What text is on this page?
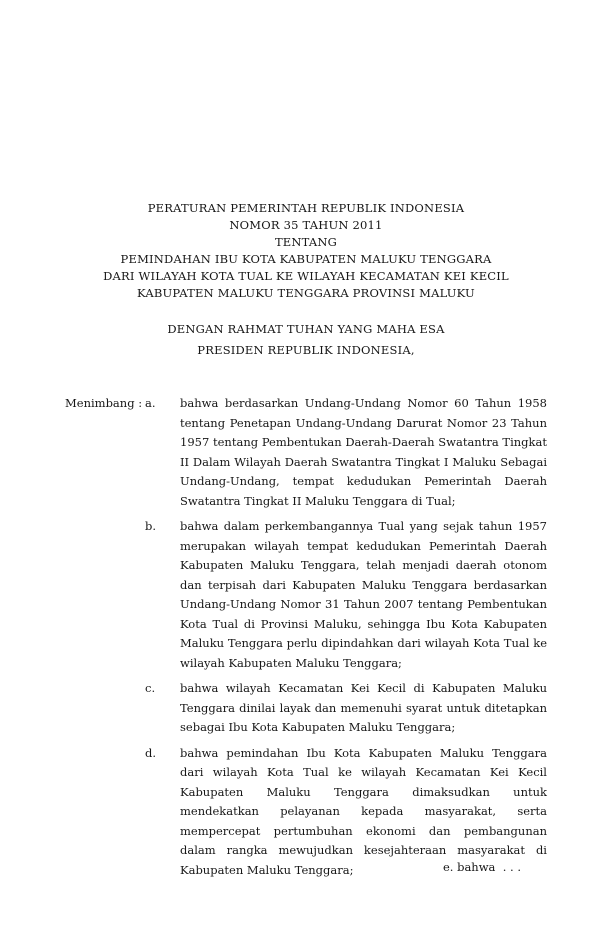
PERATURAN PEMERINTAH REPUBLIK INDONESIA
NOMOR 35 TAHUN 2011
TENTANG
PEMINDAHAN IBU KOTA KABUPATEN MALUKU TENGGARA
DARI WILAYAH KOTA TUAL KE WILAYAH KECAMATAN KEI KECIL
KABUPATEN MALUKU TENGGARA PROVINSI MALUKU
DENGAN RAHMAT TUHAN YANG MAHA ESA
PRESIDEN REPUBLIK INDONESIA,
Menimbang : a.	bahwa berdasarkan Undang-Undang Nomor 60 Tahun 1958 tentang Penetapan Undang-Undang Darurat Nomor 23 Tahun 1957 tentang Pembentukan Daerah-Daerah Swatantra Tingkat II Dalam Wilayah Daerah Swatantra Tingkat I Maluku Sebagai Undang-Undang, tempat kedudukan Pemerintah Daerah Swatantra Tingkat II Maluku Tenggara di Tual;
b.	bahwa dalam perkembangannya Tual yang sejak tahun 1957 merupakan wilayah tempat kedudukan Pemerintah Daerah Kabupaten Maluku Tenggara, telah menjadi daerah otonom dan terpisah dari Kabupaten Maluku Tenggara berdasarkan Undang-Undang Nomor 31 Tahun 2007 tentang Pembentukan Kota Tual di Provinsi Maluku, sehingga Ibu Kota Kabupaten Maluku Tenggara perlu dipindahkan dari wilayah Kota Tual ke wilayah Kabupaten Maluku Tenggara;
c.	bahwa wilayah Kecamatan Kei Kecil di Kabupaten Maluku Tenggara dinilai layak dan memenuhi syarat untuk ditetapkan sebagai Ibu Kota Kabupaten Maluku Tenggara;
d.	bahwa pemindahan Ibu Kota Kabupaten Maluku Tenggara dari wilayah Kota Tual ke wilayah Kecamatan Kei Kecil Kabupaten Maluku Tenggara dimaksudkan untuk mendekatkan pelayanan kepada masyarakat, serta mempercepat pertumbuhan ekonomi dan pembangunan dalam rangka mewujudkan kesejahteraan masyarakat di Kabupaten Maluku Tenggara;	e. bahwa  . . .
